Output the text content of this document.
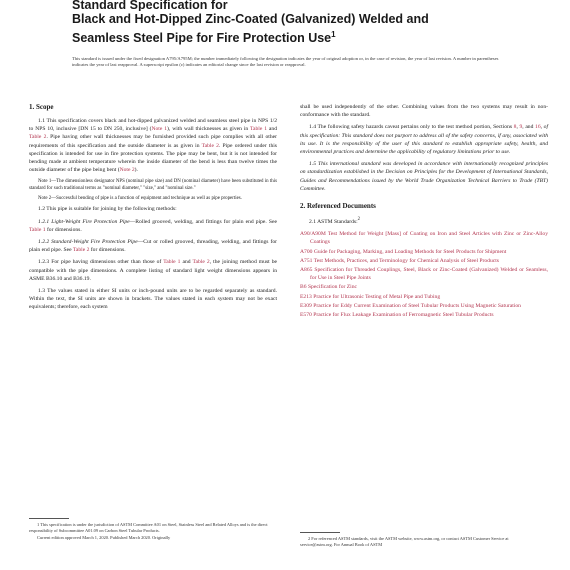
Standard Specification for
Black and Hot-Dipped Zinc-Coated (Galvanized) Welded and
Seamless Steel Pipe for Fire Protection Use$^1$
This standard is issued under the fixed designation A795/A795M; the number immediately following the designation indicates the year of original adoption or, in the case of revision, the year of last revision. A number in parentheses indicates the year of last reapproval. A superscript epsilon (ε) indicates an editorial change since the last revision or reapproval.
1. Scope

1.1 This specification covers black and hot-dipped galvanized welded and seamless steel pipe in NPS 1/2 to NPS 10, inclusive [DN 15 to DN 250, inclusive] (Note 1), with wall thicknesses as given in Table 1 and Table 2. Pipe having other wall thicknesses may be furnished provided such pipe complies with all other requirements of this specification and the outside diameter is as given in Table 2. Pipe ordered under this specification is intended for use in fire protection systems. The pipe may be bent, but it is not intended for bending made at ambient temperature wherein the inside diameter of the bend is less than twelve times the outside diameter of the pipe being bent (Note 2).

Note 1—The dimensionless designator NPS (nominal pipe size) and DN (nominal diameter) have been substituted in this standard for such traditional terms as "nominal diameter," "size," and "nominal size."
Note 2—Successful bending of pipe is a function of equipment and technique as well as pipe properties.

1.2 This pipe is suitable for joining by the following methods:

1.2.1 Light-Weight Fire Protection Pipe—Rolled grooved, welding, and fittings for plain end pipe. See Table 1 for dimensions.

1.2.2 Standard-Weight Fire Protection Pipe—Cut or rolled grooved, threading, welding, and fittings for plain end pipe. See Table 2 for dimensions.

1.2.3 For pipe having dimensions other than those of Table 1 and Table 2, the joining method must be compatible with the pipe dimensions. A complete listing of standard light weight dimensions appears in ASME B36.10 and B36.19.

1.3 The values stated in either SI units or inch-pound units are to be regarded separately as standard. Within the text, the SI units are shown in brackets. The values stated in each system may not be exact equivalents; therefore, each system

shall be used independently of the other. Combining values from the two systems may result in non-conformance with the standard.

1.4 The following safety hazards caveat pertains only to the test method portion, Sections 8, 9, and 16, of this specification: This standard does not purport to address all of the safety concerns, if any, associated with its use. It is the responsibility of the user of this standard to establish appropriate safety, health, and environmental practices and determine the applicability of regulatory limitations prior to use.

1.5 This international standard was developed in accordance with internationally recognized principles on standardization established in the Decision on Principles for the Development of International Standards, Guides and Recommendations issued by the World Trade Organization Technical Barriers to Trade (TBT) Committee.

2. Referenced Documents

2.1 ASTM Standards:$^2$

A90/A90M Test Method for Weight [Mass] of Coating on Iron and Steel Articles with Zinc or Zinc-Alloy Coatings
A700 Guide for Packaging, Marking, and Loading Methods for Steel Products for Shipment
A751 Test Methods, Practices, and Terminology for Chemical Analysis of Steel Products
A865 Specification for Threaded Couplings, Steel, Black or Zinc-Coated (Galvanized) Welded or Seamless, for Use in Steel Pipe Joints
B6 Specification for Zinc
E213 Practice for Ultrasonic Testing of Metal Pipe and Tubing
E309 Practice for Eddy Current Examination of Steel Tubular Products Using Magnetic Saturation
E570 Practice for Flux Leakage Examination of Ferromagnetic Steel Tubular Products
1 This specification is under the jurisdiction of ASTM Committee A01 on Steel, Stainless Steel and Related Alloys and is the direct responsibility of Subcommittee A01.09 on Carbon Steel Tubular Products.
Current edition approved March 1, 2020. Published March 2020. Originally	2 For referenced ASTM standards, visit the ASTM website, www.astm.org, or contact ASTM Customer Service at service@astm.org. For Annual Book of ASTM
